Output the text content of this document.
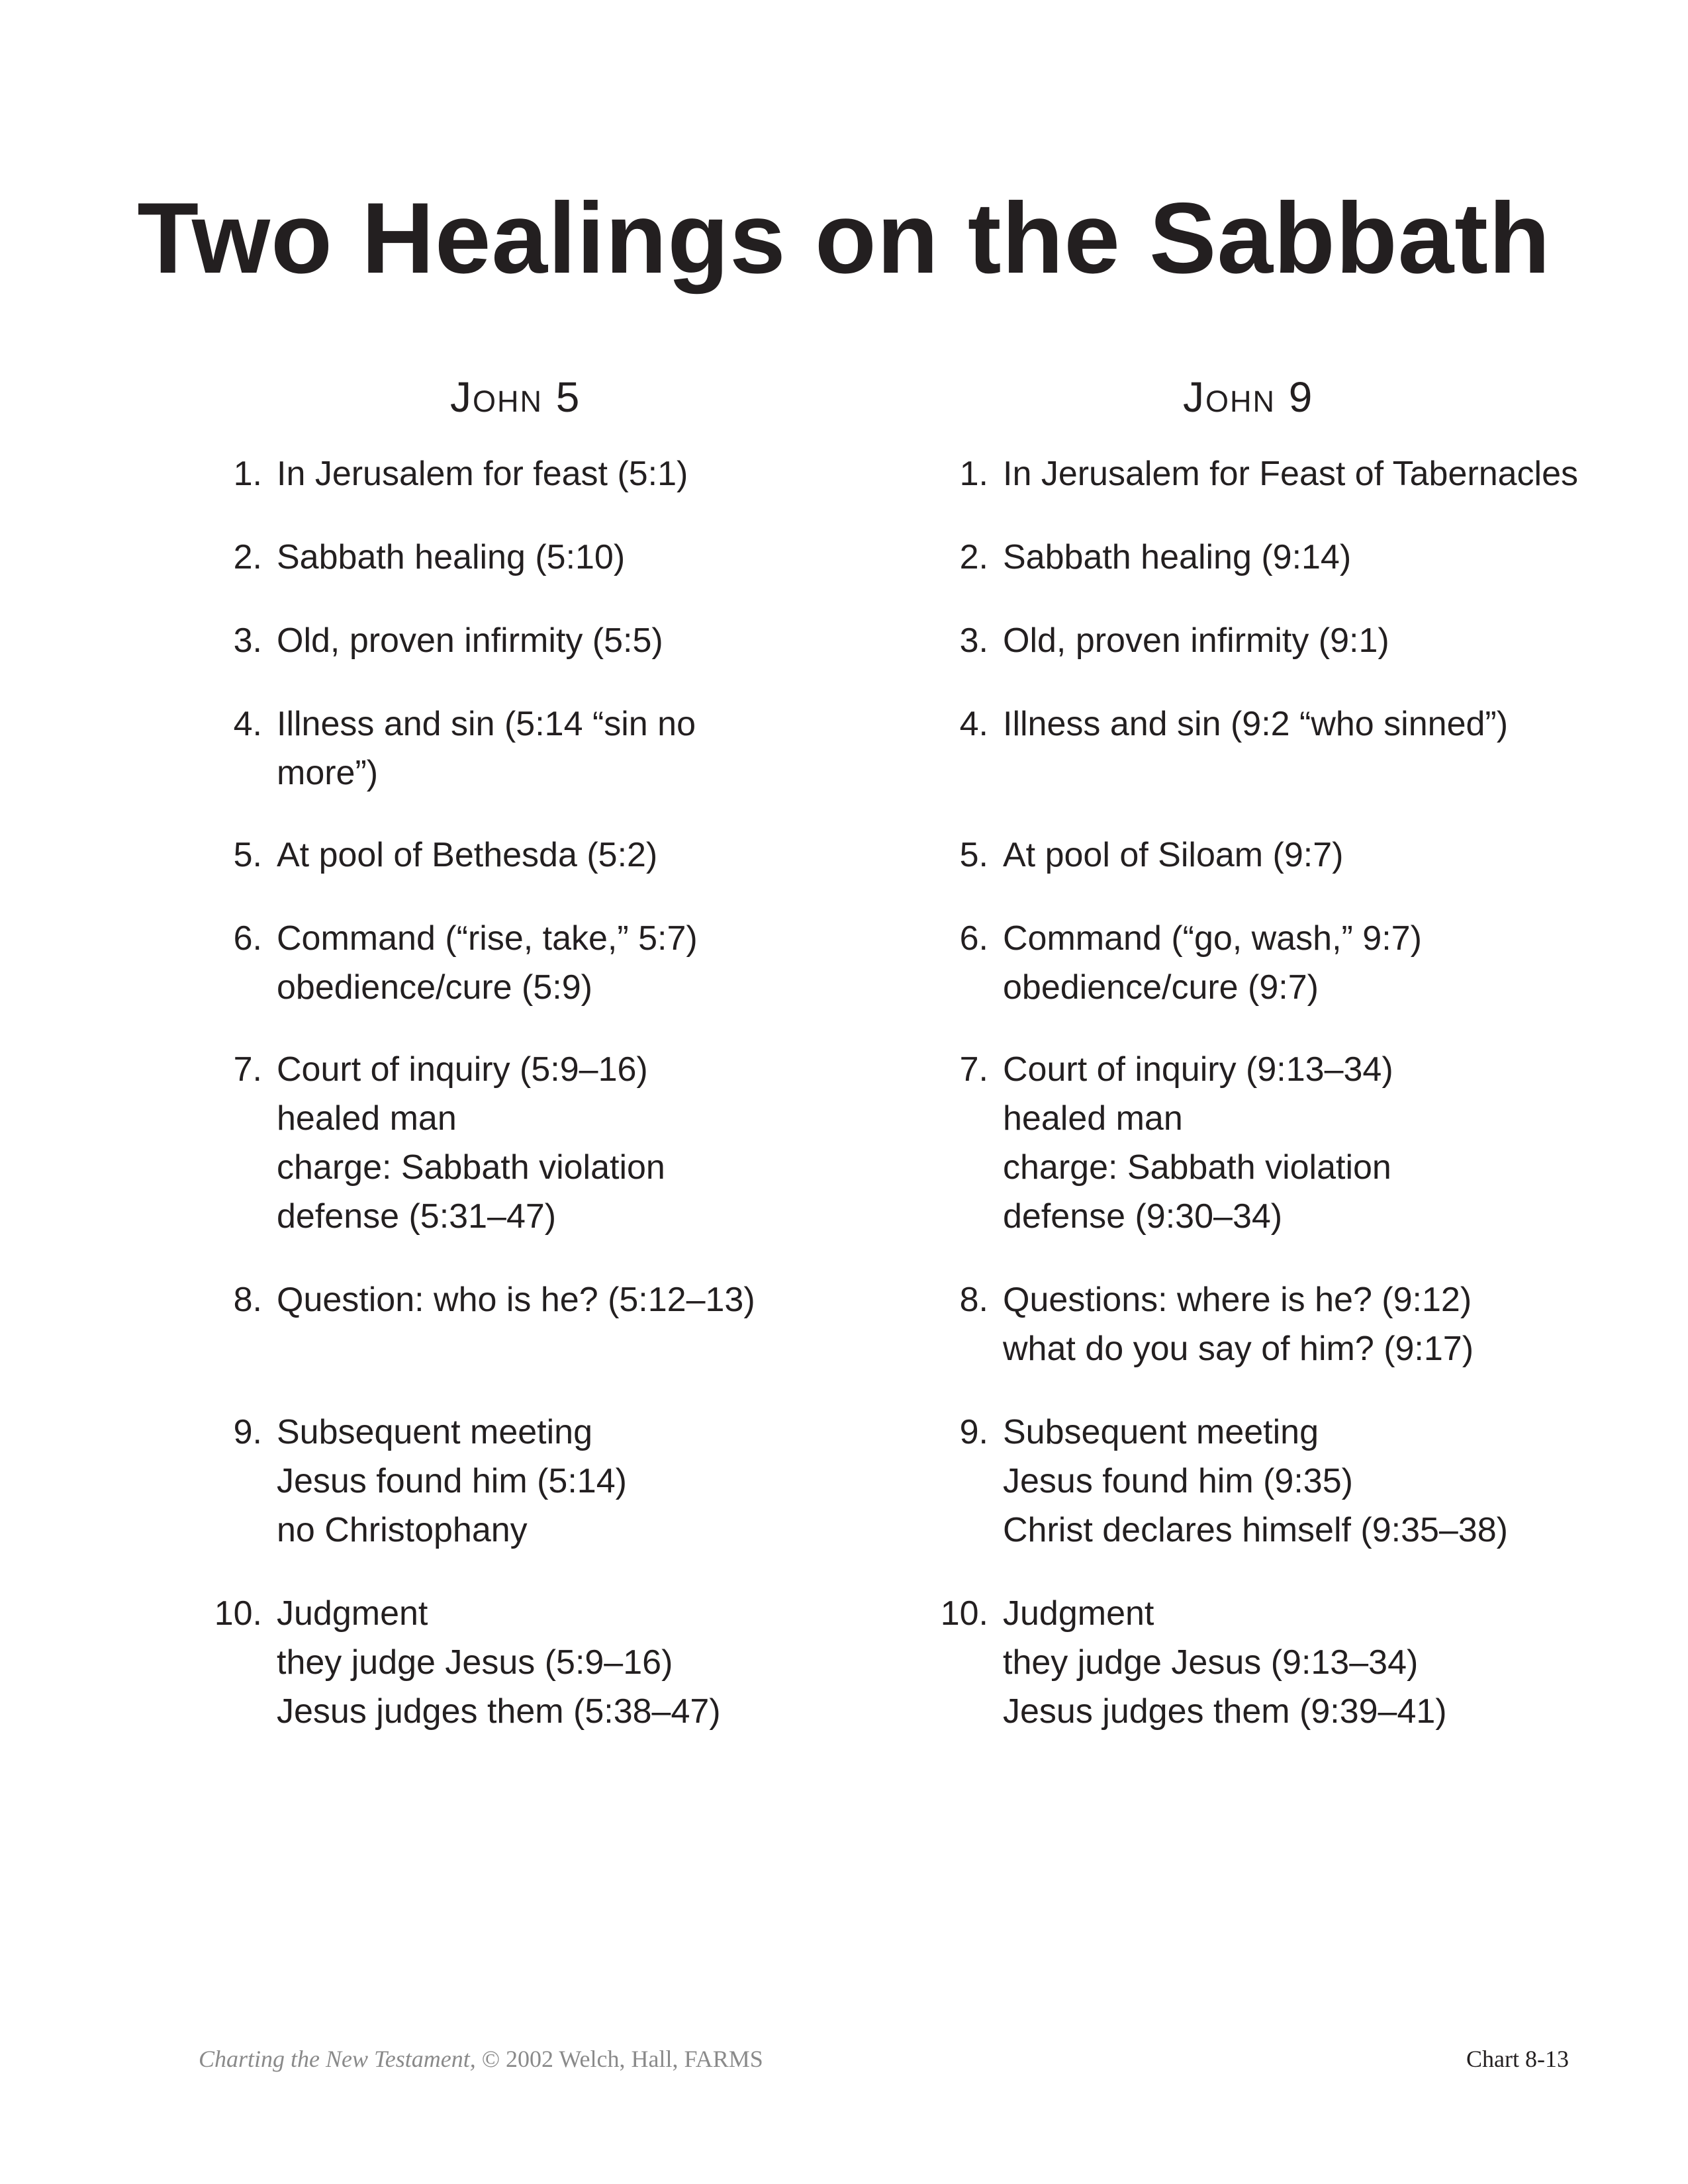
Two Healings on the Sabbath
John 5
1. In Jerusalem for feast (5:1)
2. Sabbath healing (5:10)
3. Old, proven infirmity (5:5)
4. Illness and sin (5:14 “sin no
more”)
5. At pool of Bethesda (5:2)
6. Command (“rise, take,” 5:7)
obedience/cure (5:9)
7. Court of inquiry (5:9–16)
healed man
charge: Sabbath violation
defense (5:31–47)
8. Question: who is he? (5:12–13)
9. Subsequent meeting
Jesus found him (5:14)
no Christophany
10. Judgment
they judge Jesus (5:9–16)
Jesus judges them (5:38–47)
John 9
1. In Jerusalem for Feast of Tabernacles
2. Sabbath healing (9:14)
3. Old, proven infirmity (9:1)
4. Illness and sin (9:2 “who sinned”)
5. At pool of Siloam (9:7)
6. Command (“go, wash,” 9:7)
obedience/cure (9:7)
7. Court of inquiry (9:13–34)
healed man
charge: Sabbath violation
defense (9:30–34)
8. Questions: where is he? (9:12)
what do you say of him? (9:17)
9. Subsequent meeting
Jesus found him (9:35)
Christ declares himself (9:35–38)
10. Judgment
they judge Jesus (9:13–34)
Jesus judges them (9:39–41)
Charting the New Testament, © 2002 Welch, Hall, FARMS	Chart 8-13
